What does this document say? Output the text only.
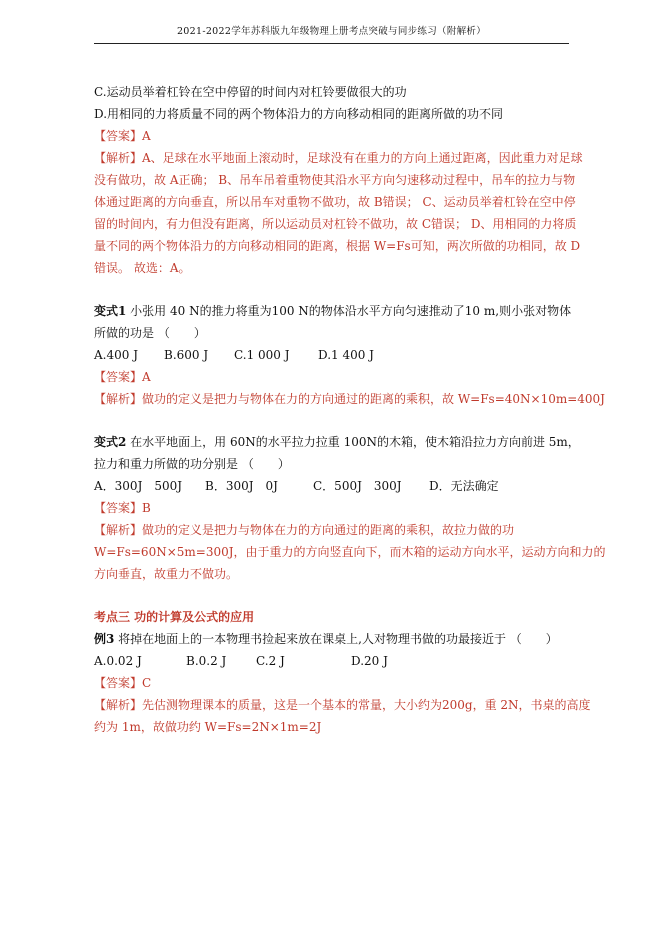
2021-2022学年苏科版九年级物理上册考点突破与同步练习（附解析）
C.运动员举着杠铃在空中停留的时间内对杠铃要做很大的功
D.用相同的力将质量不同的两个物体沿力的方向移动相同的距离所做的功不同
【答案】A
【解析】A、足球在水平地面上滚动时，足球没有在重力的方向上通过距离，因此重力对足球
没有做功，故 A正确； B、吊车吊着重物使其沿水平方向匀速移动过程中，吊车的拉力与物
体通过距离的方向垂直，所以吊车对重物不做功，故 B错误； C、运动员举着杠铃在空中停
留的时间内，有力但没有距离，所以运动员对杠铃不做功，故 C错误； D、用相同的力将质
量不同的两个物体沿力的方向移动相同的距离，根据 W=Fs可知，两次所做的功相同，故 D
错误。 故选：A。
变式1 小张用 40 N的推力将重为100 N的物体沿水平方向匀速推动了10 m,则小张对物体
所做的功是 （　　）
A.400 J	B.600 J	C.1 000 J	D.1 400 J
【答案】A
【解析】做功的定义是把力与物体在力的方向通过的距离的乘积，故 W=Fs=40N×10m=400J
变式2 在水平地面上，用 60N的水平拉力拉重 100N的木箱，使木箱沿拉力方向前进 5m，
拉力和重力所做的功分别是 （　　）
A．300J　500J	B．300J　0J	C．500J　300J	D．无法确定
【答案】B
【解析】做功的定义是把力与物体在力的方向通过的距离的乘积，故拉力做的功
W=Fs=60N×5m=300J，由于重力的方向竖直向下，而木箱的运动方向水平，运动方向和力的
方向垂直，故重力不做功。
考点三 功的计算及公式的应用
例3 将掉在地面上的一本物理书捡起来放在课桌上,人对物理书做的功最接近于 （　　）
A.0.02 J	B.0.2 J	C.2 J	D.20 J
【答案】C
【解析】先估测物理课本的质量，这是一个基本的常量，大小约为200g，重 2N，书桌的高度
约为 1m，故做功约 W=Fs=2N×1m=2J
